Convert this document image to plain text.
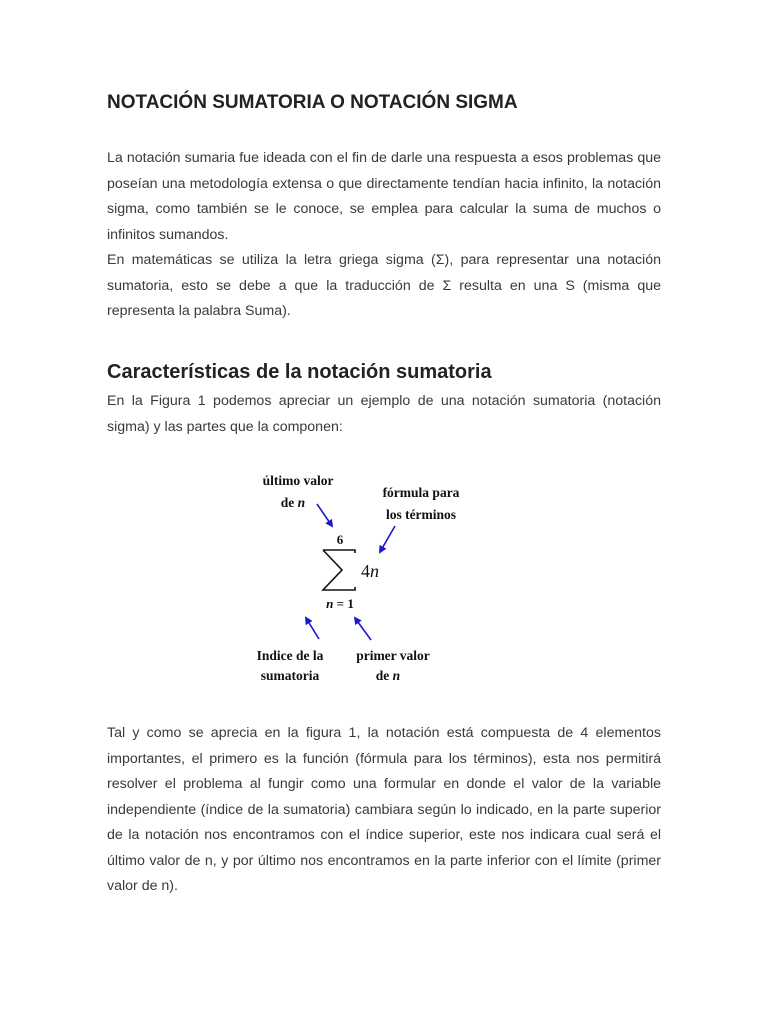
NOTACIÓN SUMATORIA O NOTACIÓN SIGMA

La notación sumaria fue ideada con el fin de darle una respuesta a esos problemas que poseían una metodología extensa o que directamente tendían hacia infinito, la notación sigma, como también se le conoce, se emplea para calcular la suma de muchos o infinitos sumandos.

En matemáticas se utiliza la letra griega sigma (Σ), para representar una notación sumatoria, esto se debe a que la traducción de Σ resulta en una S (misma que representa la palabra Suma).

Características de la notación sumatoria

En la Figura 1 podemos apreciar un ejemplo de una notación sumatoria (notación sigma) y las partes que la componen:

Tal y como se aprecia en la figura 1, la notación está compuesta de 4 elementos importantes, el primero es la función (fórmula para los términos), esta nos permitirá resolver el problema al fungir como una formular en donde el valor de la variable independiente (índice de la sumatoria) cambiara según lo indicado, en la parte superior de la notación nos encontramos con el índice superior, este nos indicara cual será el último valor de n, y por último nos encontramos en la parte inferior con el límite (primer valor de n).

último valor
de n
fórmula para
los términos
6
4n
n = 1
Indice de la
sumatoria
primer valor
de n
